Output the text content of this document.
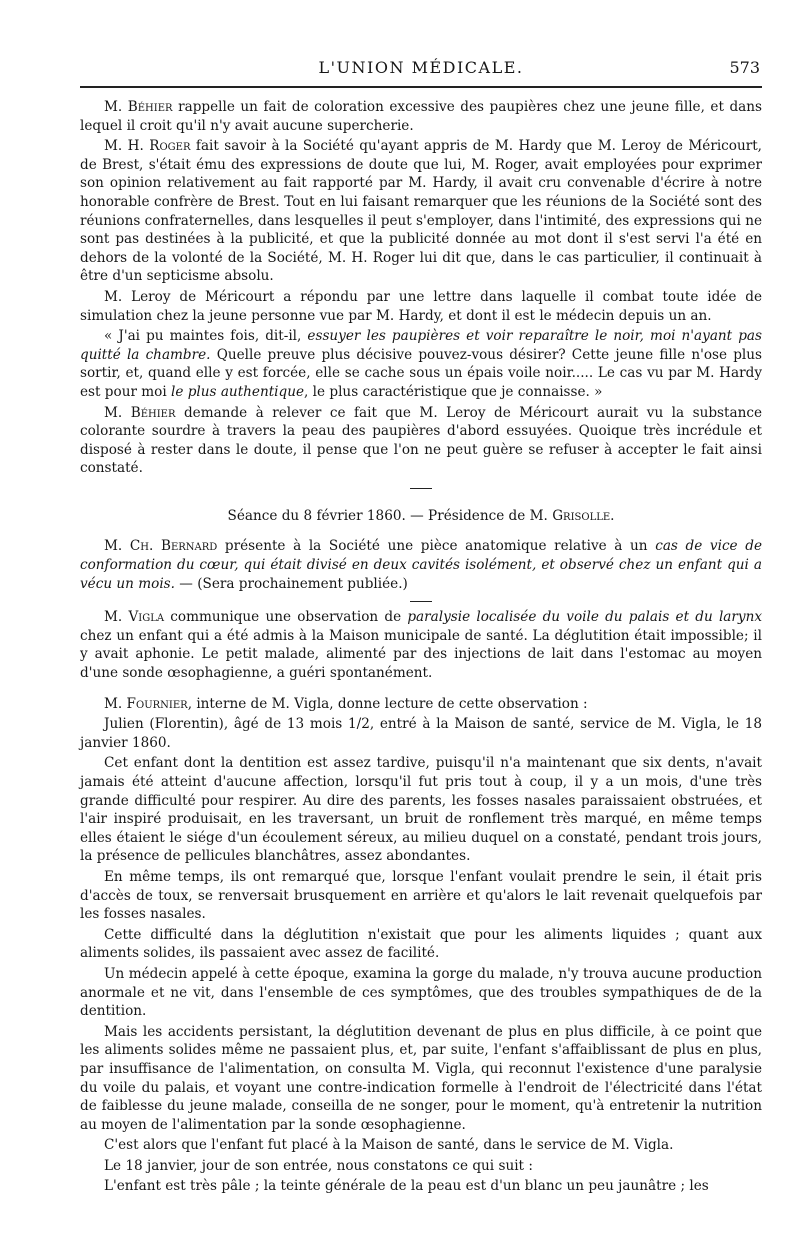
L'UNION MÉDICALE.	573

M. Béhier rappelle un fait de coloration excessive des paupières chez une jeune fille, et dans lequel il croit qu'il n'y avait aucune supercherie.

M. H. Roger fait savoir à la Société qu'ayant appris de M. Hardy que M. Leroy de Méricourt, de Brest, s'était ému des expressions de doute que lui, M. Roger, avait employées pour exprimer son opinion relativement au fait rapporté par M. Hardy, il avait cru convenable d'écrire à notre honorable confrère de Brest. Tout en lui faisant remarquer que les réunions de la Société sont des réunions confraternelles, dans lesquelles il peut s'employer, dans l'intimité, des expressions qui ne sont pas destinées à la publicité, et que la publicité donnée au mot dont il s'est servi l'a été en dehors de la volonté de la Société, M. H. Roger lui dit que, dans le cas particulier, il continuait à être d'un septicisme absolu.

M. Leroy de Méricourt a répondu par une lettre dans laquelle il combat toute idée de simulation chez la jeune personne vue par M. Hardy, et dont il est le médecin depuis un an.

« J'ai pu maintes fois, dit-il, essuyer les paupières et voir reparaître le noir, moi n'ayant pas quitté la chambre. Quelle preuve plus décisive pouvez-vous désirer? Cette jeune fille n'ose plus sortir, et, quand elle y est forcée, elle se cache sous un épais voile noir..... Le cas vu par M. Hardy est pour moi le plus authentique, le plus caractéristique que je connaisse. »

M. Béhier demande à relever ce fait que M. Leroy de Méricourt aurait vu la substance colorante sourdre à travers la peau des paupières d'abord essuyées. Quoique très incrédule et disposé à rester dans le doute, il pense que l'on ne peut guère se refuser à accepter le fait ainsi constaté.

Séance du 8 février 1860. — Présidence de M. Grisolle.

M. Ch. Bernard présente à la Société une pièce anatomique relative à un cas de vice de conformation du cœur, qui était divisé en deux cavités isolément, et observé chez un enfant qui a vécu un mois. — (Sera prochainement publiée.)

M. Vigla communique une observation de paralysie localisée du voile du palais et du larynx chez un enfant qui a été admis à la Maison municipale de santé. La déglutition était impossible; il y avait aphonie. Le petit malade, alimenté par des injections de lait dans l'estomac au moyen d'une sonde œsophagienne, a guéri spontanément.

M. Fournier, interne de M. Vigla, donne lecture de cette observation :

Julien (Florentin), âgé de 13 mois 1/2, entré à la Maison de santé, service de M. Vigla, le 18 janvier 1860.

Cet enfant dont la dentition est assez tardive, puisqu'il n'a maintenant que six dents, n'avait jamais été atteint d'aucune affection, lorsqu'il fut pris tout à coup, il y a un mois, d'une très grande difficulté pour respirer. Au dire des parents, les fosses nasales paraissaient obstruées, et l'air inspiré produisait, en les traversant, un bruit de ronflement très marqué, en même temps elles étaient le siége d'un écoulement séreux, au milieu duquel on a constaté, pendant trois jours, la présence de pellicules blanchâtres, assez abondantes.

En même temps, ils ont remarqué que, lorsque l'enfant voulait prendre le sein, il était pris d'accès de toux, se renversait brusquement en arrière et qu'alors le lait revenait quelquefois par les fosses nasales.

Cette difficulté dans la déglutition n'existait que pour les aliments liquides ; quant aux aliments solides, ils passaient avec assez de facilité.

Un médecin appelé à cette époque, examina la gorge du malade, n'y trouva aucune production anormale et ne vit, dans l'ensemble de ces symptômes, que des troubles sympathiques de de la dentition.

Mais les accidents persistant, la déglutition devenant de plus en plus difficile, à ce point que les aliments solides même ne passaient plus, et, par suite, l'enfant s'affaiblissant de plus en plus, par insuffisance de l'alimentation, on consulta M. Vigla, qui reconnut l'existence d'une paralysie du voile du palais, et voyant une contre-indication formelle à l'endroit de l'électricité dans l'état de faiblesse du jeune malade, conseilla de ne songer, pour le moment, qu'à entretenir la nutrition au moyen de l'alimentation par la sonde œsophagienne.

C'est alors que l'enfant fut placé à la Maison de santé, dans le service de M. Vigla.

Le 18 janvier, jour de son entrée, nous constatons ce qui suit :

L'enfant est très pâle ; la teinte générale de la peau est d'un blanc un peu jaunâtre ; les
